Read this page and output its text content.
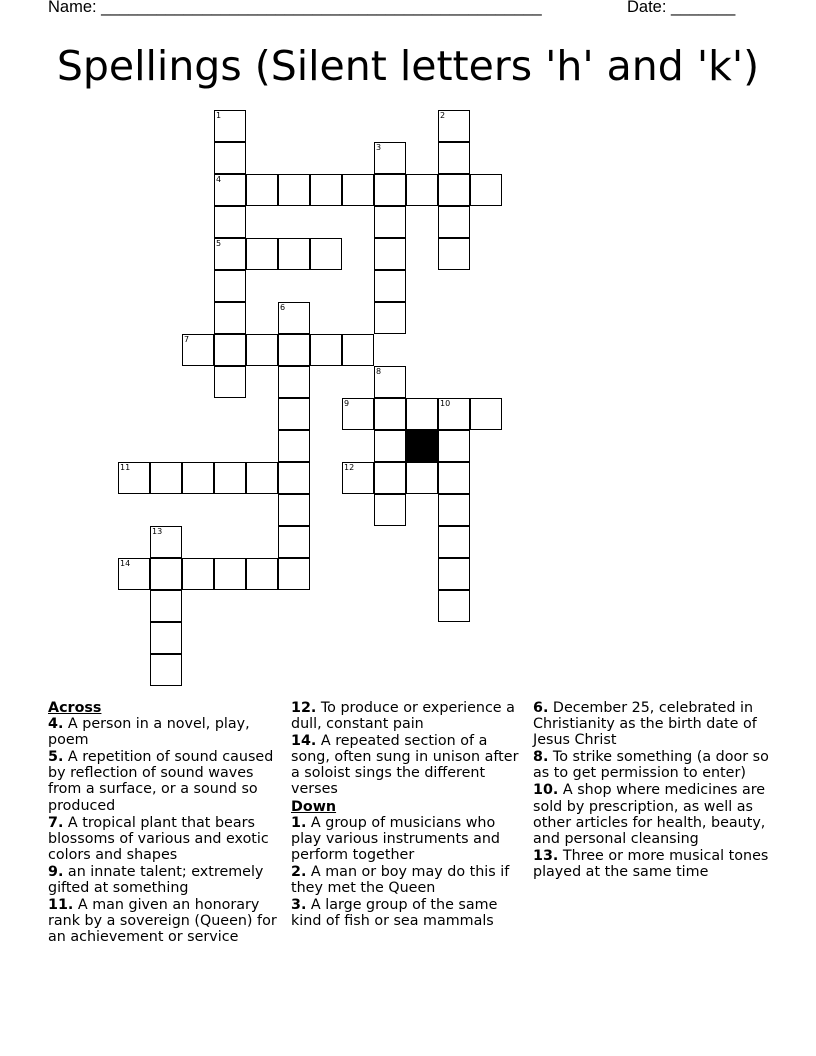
Name: ________________________________________________	Date: _______
Spellings (Silent letters 'h' and 'k')
1	2
3
4
5
6
7
8
9	10
11	12
13
14
Across
4. A person in a novel, play, poem
5. A repetition of sound caused by reflection of sound waves from a surface, or a sound so produced
7. A tropical plant that bears blossoms of various and exotic colors and shapes
9. an innate talent; extremely gifted at something
11. A man given an honorary rank by a sovereign (Queen) for an achievement or service
12. To produce or experience a dull, constant pain
14. A repeated section of a song, often sung in unison after a soloist sings the different verses
Down
1. A group of musicians who play various instruments and perform together
2. A man or boy may do this if they met the Queen
3. A large group of the same kind of fish or sea mammals
6. December 25, celebrated in Christianity as the birth date of Jesus Christ
8. To strike something (a door so as to get permission to enter)
10. A shop where medicines are sold by prescription, as well as other articles for health, beauty, and personal cleansing
13. Three or more musical tones played at the same time
